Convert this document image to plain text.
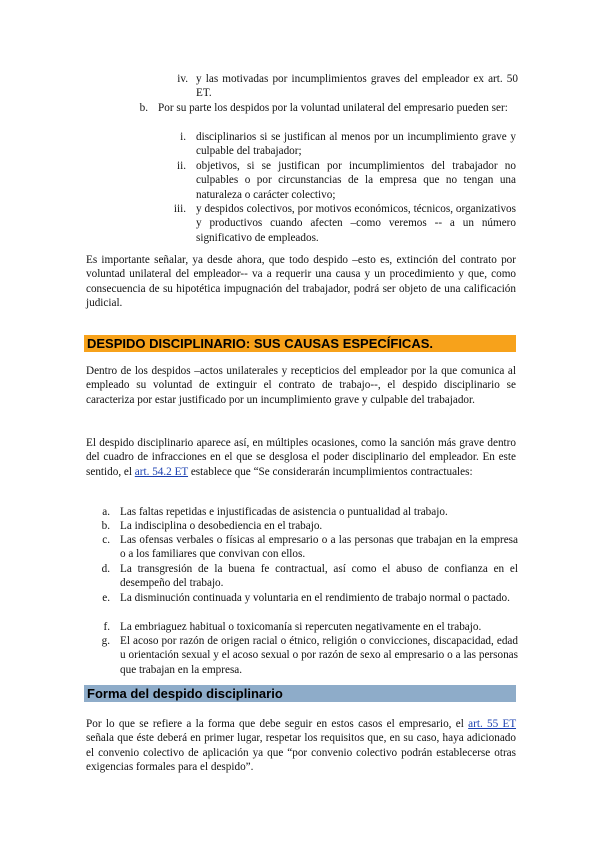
iv. y las motivadas por incumplimientos graves del empleador ex art. 50 ET.
b. Por su parte los despidos por la voluntad unilateral del empresario pueden ser:
i. disciplinarios si se justifican al menos por un incumplimiento grave y culpable del trabajador;
ii. objetivos, si se justifican por incumplimientos del trabajador no culpables o por circunstancias de la empresa que no tengan una naturaleza o carácter colectivo;
iii. y despidos colectivos, por motivos económicos, técnicos, organizativos y productivos cuando afecten –como veremos -- a un número significativo de empleados.

Es importante señalar, ya desde ahora, que todo despido –esto es, extinción del contrato por voluntad unilateral del empleador-- va a requerir una causa y un procedimiento y que, como consecuencia de su hipotética impugnación del trabajador, podrá ser objeto de una calificación judicial.

DESPIDO DISCIPLINARIO: SUS CAUSAS ESPECÍFICAS.

Dentro de los despidos –actos unilaterales y recepticios del empleador por la que comunica al empleado su voluntad de extinguir el contrato de trabajo--, el despido disciplinario se caracteriza por estar justificado por un incumplimiento grave y culpable del trabajador.

El despido disciplinario aparece así, en múltiples ocasiones, como la sanción más grave dentro del cuadro de infracciones en el que se desglosa el poder disciplinario del empleador. En este sentido, el art. 54.2 ET establece que “Se considerarán incumplimientos contractuales:

a. Las faltas repetidas e injustificadas de asistencia o puntualidad al trabajo.
b. La indisciplina o desobediencia en el trabajo.
c. Las ofensas verbales o físicas al empresario o a las personas que trabajan en la empresa o a los familiares que convivan con ellos.
d. La transgresión de la buena fe contractual, así como el abuso de confianza en el desempeño del trabajo.
e. La disminución continuada y voluntaria en el rendimiento de trabajo normal o pactado.
f. La embriaguez habitual o toxicomanía si repercuten negativamente en el trabajo.
g. El acoso por razón de origen racial o étnico, religión o convicciones, discapacidad, edad u orientación sexual y el acoso sexual o por razón de sexo al empresario o a las personas que trabajan en la empresa.
Forma del despido disciplinario

Por lo que se refiere a la forma que debe seguir en estos casos el empresario, el art. 55 ET señala que éste deberá en primer lugar, respetar los requisitos que, en su caso, haya adicionado el convenio colectivo de aplicación ya que “por convenio colectivo podrán establecerse otras exigencias formales para el despido”.
